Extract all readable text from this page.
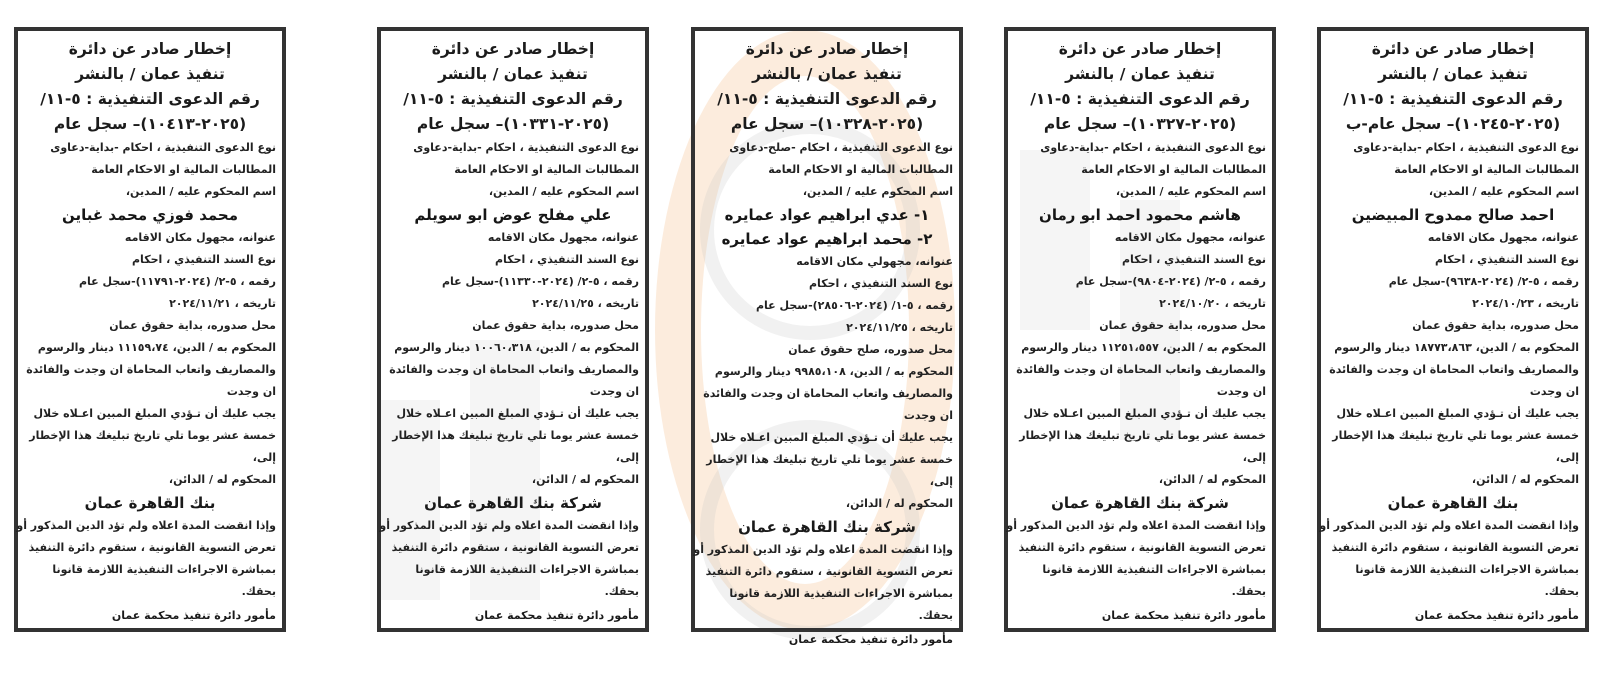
إخطار صادر عن دائرة
تنفيذ عمان / بالنشر
رقم الدعوى التنفيذية : ٥-١١/
(٢٠٢٥-١٠٢٤٥)– سجل عام-ب
نوع الدعوى التنفيذية ، احكام -بداية-دعاوى
المطالبات المالية او الاحكام العامة
اسم المحكوم عليه / المدين،
احمد صالح ممدوح المبيضين
عنوانه، مجهول مكان الاقامه
نوع السند التنفيذي ، احكام
رقمه ، ٥-٢/ (٢٠٢٤-٩٦٣٨)-سجل عام
تاريخه ، ٢٠٢٤/١٠/٢٣
محل صدوره، بداية حقوق عمان
المحكوم به / الدين، ١٨٧٧٣،٨٦٣ دينار والرسوم
والمصاريف واتعاب المحاماة ان وجدت والفائدة
ان وجدت
يجب عليك أن تـؤدي المبلغ المبين اعـلاه خلال
خمسة عشر يوما تلي تاريخ تبليغك هذا الإخطار
إلى،
المحكوم له / الدائن،
بنك القاهرة عمان
وإذا انقضت المدة اعلاه ولم تؤد الدين المذكور أو
تعرض التسوية القانونية ، ستقوم دائرة التنفيذ
بمباشرة الاجراءات التنفيذية اللازمة قانونا
بحقك.
مأمور دائرة تنفيذ محكمة عمان
إخطار صادر عن دائرة
تنفيذ عمان / بالنشر
رقم الدعوى التنفيذية : ٥-١١/
(٢٠٢٥-١٠٣٢٧)– سجل عام
نوع الدعوى التنفيذية ، احكام -بداية-دعاوى
المطالبات المالية او الاحكام العامة
اسم المحكوم عليه / المدين،
هاشم محمود احمد ابو رمان
عنوانه، مجهول مكان الاقامه
نوع السند التنفيذي ، احكام
رقمه ، ٥-٢/ (٢٠٢٤-٩٨٠٤)-سجل عام
تاريخه ، ٢٠٢٤/١٠/٢٠
محل صدوره، بداية حقوق عمان
المحكوم به / الدين، ١١٢٥١،٥٥٧ دينار والرسوم
والمصاريف واتعاب المحاماة ان وجدت والفائدة
ان وجدت
يجب عليك أن تـؤدي المبلغ المبين اعـلاه خلال
خمسة عشر يوما تلي تاريخ تبليغك هذا الإخطار
إلى،
المحكوم له / الدائن،
شركة بنك القاهرة عمان
وإذا انقضت المدة اعلاه ولم تؤد الدين المذكور أو
تعرض التسوية القانونية ، ستقوم دائرة التنفيذ
بمباشرة الاجراءات التنفيذية اللازمة قانونا
بحقك.
مأمور دائرة تنفيذ محكمة عمان
إخطار صادر عن دائرة
تنفيذ عمان / بالنشر
رقم الدعوى التنفيذية : ٥-١١/
(٢٠٢٥-١٠٣٢٨)– سجل عام
نوع الدعوى التنفيذية ، احكام -صلح-دعاوى
المطالبات المالية او الاحكام العامة
اسم المحكوم عليه / المدين،
١- عدي ابراهيم عواد عمايره
٢- محمد ابراهيم عواد عمايره
عنوانه، مجهولي مكان الاقامه
نوع السند التنفيذي ، احكام
رقمه ، ٥-١/ (٢٠٢٤-٢٨٥٠٦)-سجل عام
تاريخه ، ٢٠٢٤/١١/٢٥
محل صدوره، صلح حقوق عمان
المحكوم به / الدين، ٩٩٨٥،١٠٨ دينار والرسوم
والمصاريف واتعاب المحاماة ان وجدت والفائدة
ان وجدت
يجب عليك أن تـؤدي المبلغ المبين اعـلاه خلال
خمسة عشر يوما تلي تاريخ تبليغك هذا الإخطار
إلى،
المحكوم له / الدائن،
شركة بنك القاهرة عمان
وإذا انقضت المدة اعلاه ولم تؤد الدين المذكور أو
تعرض التسوية القانونية ، ستقوم دائرة التنفيذ
بمباشرة الاجراءات التنفيذية اللازمة قانونا
بحقك.
مأمور دائرة تنفيذ محكمة عمان
إخطار صادر عن دائرة
تنفيذ عمان / بالنشر
رقم الدعوى التنفيذية : ٥-١١/
(٢٠٢٥-١٠٣٣١)– سجل عام
نوع الدعوى التنفيذية ، احكام -بداية-دعاوى
المطالبات المالية او الاحكام العامة
اسم المحكوم عليه / المدين،
علي مفلح عوض ابو سويلم
عنوانه، مجهول مكان الاقامه
نوع السند التنفيذي ، احكام
رقمه ، ٥-٢/ (٢٠٢٤-١١٣٣٠)-سجل عام
تاريخه ، ٢٠٢٤/١١/٢٥
محل صدوره، بداية حقوق عمان
المحكوم به / الدين، ١٠٠٦٠،٣١٨ دينار والرسوم
والمصاريف واتعاب المحاماة ان وجدت والفائدة
ان وجدت
يجب عليك أن تـؤدي المبلغ المبين اعـلاه خلال
خمسة عشر يوما تلي تاريخ تبليغك هذا الإخطار
إلى،
المحكوم له / الدائن،
شركة بنك القاهرة عمان
وإذا انقضت المدة اعلاه ولم تؤد الدين المذكور أو
تعرض التسوية القانونية ، ستقوم دائرة التنفيذ
بمباشرة الاجراءات التنفيذية اللازمة قانونا
بحقك.
مأمور دائرة تنفيذ محكمة عمان
إخطار صادر عن دائرة
تنفيذ عمان / بالنشر
رقم الدعوى التنفيذية : ٥-١١/
(٢٠٢٥-١٠٤١٣)– سجل عام
نوع الدعوى التنفيذية ، احكام -بداية-دعاوى
المطالبات المالية او الاحكام العامة
اسم المحكوم عليه / المدين،
محمد فوزي محمد غباين
عنوانه، مجهول مكان الاقامه
نوع السند التنفيذي ، احكام
رقمه ، ٥-٢/ (٢٠٢٤-١١٧٩١)-سجل عام
تاريخه ، ٢٠٢٤/١١/٢١
محل صدوره، بداية حقوق عمان
المحكوم به / الدين، ١١١٥٩،٧٤ دينار والرسوم
والمصاريف واتعاب المحاماة ان وجدت والفائدة
ان وجدت
يجب عليك أن تـؤدي المبلغ المبين اعـلاه خلال
خمسة عشر يوما تلي تاريخ تبليغك هذا الإخطار
إلى،
المحكوم له / الدائن،
بنك القاهرة عمان
وإذا انقضت المدة اعلاه ولم تؤد الدين المذكور أو
تعرض التسوية القانونية ، ستقوم دائرة التنفيذ
بمباشرة الاجراءات التنفيذية اللازمة قانونا
بحقك.
مأمور دائرة تنفيذ محكمة عمان
